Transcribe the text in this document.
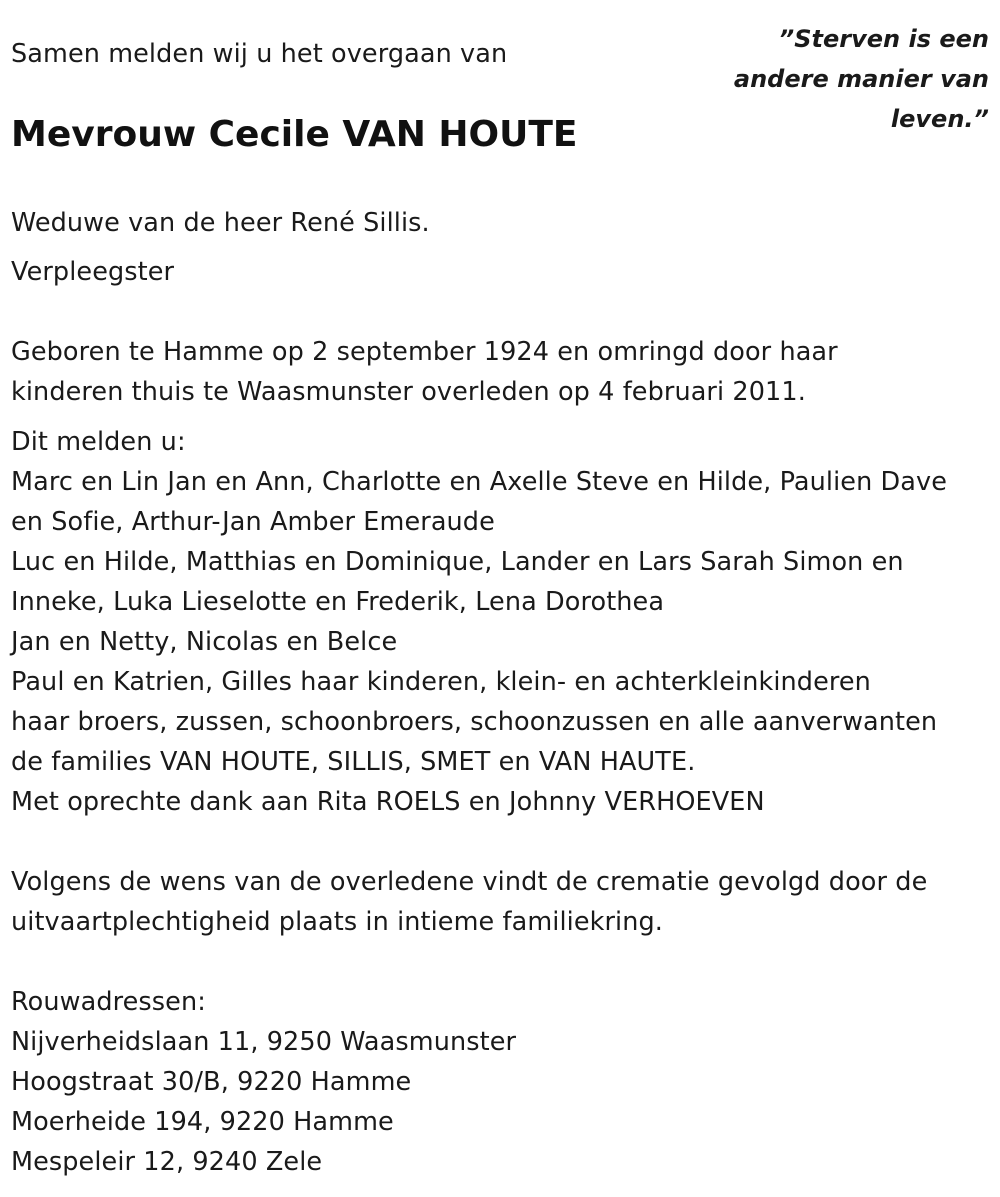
Samen melden wij u het overgaan van	”Sterven is een
andere manier van
leven.”
Mevrouw Cecile VAN HOUTE
Weduwe van de heer René Sillis.
Verpleegster
Geboren te Hamme op 2 september 1924 en omringd door haar
kinderen thuis te Waasmunster overleden op 4 februari 2011.
Dit melden u:
Marc en Lin Jan en Ann, Charlotte en Axelle Steve en Hilde, Paulien Dave
en Sofie, Arthur-Jan Amber Emeraude
Luc en Hilde, Matthias en Dominique, Lander en Lars Sarah Simon en
Inneke, Luka Lieselotte en Frederik, Lena Dorothea
Jan en Netty, Nicolas en Belce
Paul en Katrien, Gilles haar kinderen, klein- en achterkleinkinderen
haar broers, zussen, schoonbroers, schoonzussen en alle aanverwanten
de families VAN HOUTE, SILLIS, SMET en VAN HAUTE.
Met oprechte dank aan Rita ROELS en Johnny VERHOEVEN
Volgens de wens van de overledene vindt de crematie gevolgd door de
uitvaartplechtigheid plaats in intieme familiekring.
Rouwadressen:
Nijverheidslaan 11, 9250 Waasmunster
Hoogstraat 30/B, 9220 Hamme
Moerheide 194, 9220 Hamme
Mespeleir 12, 9240 Zele
